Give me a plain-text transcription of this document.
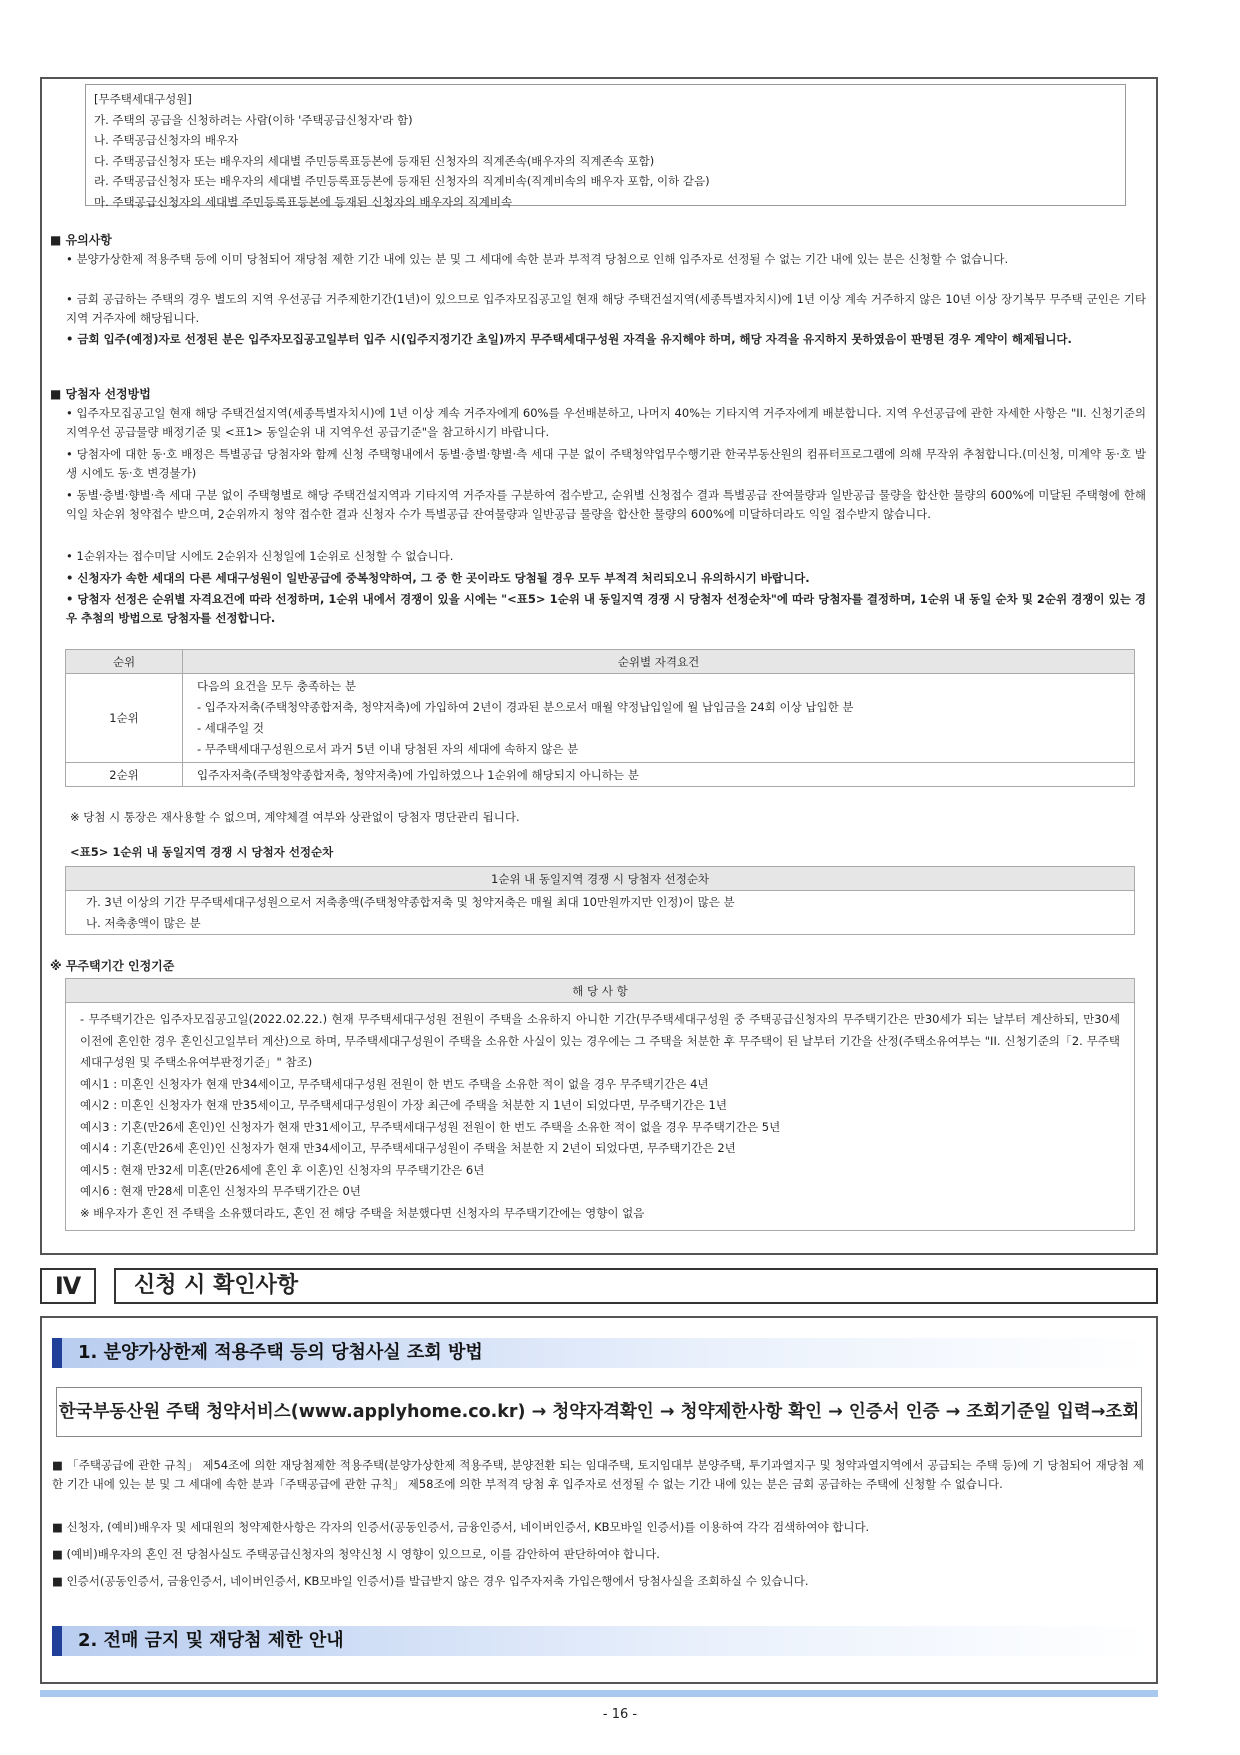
[무주택세대구성원]
가. 주택의 공급을 신청하려는 사람(이하 '주택공급신청자'라 함)
나. 주택공급신청자의 배우자
다. 주택공급신청자 또는 배우자의 세대별 주민등록표등본에 등재된 신청자의 직계존속(배우자의 직계존속 포함)
라. 주택공급신청자 또는 배우자의 세대별 주민등록표등본에 등재된 신청자의 직계비속(직계비속의 배우자 포함, 이하 같음)
마. 주택공급신청자의 세대별 주민등록표등본에 등재된 신청자의 배우자의 직계비속
■ 유의사항
• 분양가상한제 적용주택 등에 이미 당첨되어 재당첨 제한 기간 내에 있는 분 및 그 세대에 속한 분과 부적격 당첨으로 인해 입주자로 선정될 수 없는 기간 내에 있는 분은 신청할 수 없습니다.
• 금회 공급하는 주택의 경우 별도의 지역 우선공급 거주제한기간(1년)이 있으므로 입주자모집공고일 현재 해당 주택건설지역(세종특별자치시)에 1년 이상 계속 거주하지 않은 10년 이상 장기복무 무주택 군인은 기타지역 거주자에 해당됩니다.
• 금회 입주(예정)자로 선정된 분은 입주자모집공고일부터 입주 시(입주지정기간 초일)까지 무주택세대구성원 자격을 유지해야 하며, 해당 자격을 유지하지 못하였음이 판명된 경우 계약이 해제됩니다.
■ 당첨자 선정방법
• 입주자모집공고일 현재 해당 주택건설지역(세종특별자치시)에 1년 이상 계속 거주자에게 60%를 우선배분하고, 나머지 40%는 기타지역 거주자에게 배분합니다. 지역 우선공급에 관한 자세한 사항은 "II. 신청기준의 지역우선 공급물량 배정기준 및 <표1> 동일순위 내 지역우선 공급기준"을 참고하시기 바랍니다.
• 당첨자에 대한 동·호 배정은 특별공급 당첨자와 함께 신청 주택형내에서 동별·층별·향별·측 세대 구분 없이 주택청약업무수행기관 한국부동산원의 컴퓨터프로그램에 의해 무작위 추첨합니다.(미신청, 미계약 동·호 발생 시에도 동·호 변경불가)
• 동별·층별·향별·측 세대 구분 없이 주택형별로 해당 주택건설지역과 기타지역 거주자를 구분하여 접수받고, 순위별 신청접수 결과 특별공급 잔여물량과 일반공급 물량을 합산한 물량의 600%에 미달된 주택형에 한해 익일 차순위 청약접수 받으며, 2순위까지 청약 접수한 결과 신청자 수가 특별공급 잔여물량과 일반공급 물량을 합산한 물량의 600%에 미달하더라도 익일 접수받지 않습니다.
• 1순위자는 접수미달 시에도 2순위자 신청일에 1순위로 신청할 수 없습니다.
• 신청자가 속한 세대의 다른 세대구성원이 일반공급에 중복청약하여, 그 중 한 곳이라도 당첨될 경우 모두 부적격 처리되오니 유의하시기 바랍니다.
• 당첨자 선정은 순위별 자격요건에 따라 선정하며, 1순위 내에서 경쟁이 있을 시에는 "<표5> 1순위 내 동일지역 경쟁 시 당첨자 선정순차"에 따라 당첨자를 결정하며, 1순위 내 동일 순차 및 2순위 경쟁이 있는 경우 추첨의 방법으로 당첨자를 선정합니다.
순위	순위별 자격요건
1순위	다음의 요건을 모두 충족하는 분
- 입주자저축(주택청약종합저축, 청약저축)에 가입하여 2년이 경과된 분으로서 매월 약정납입일에 월 납입금을 24회 이상 납입한 분
- 세대주일 것
- 무주택세대구성원으로서 과거 5년 이내 당첨된 자의 세대에 속하지 않은 분

2순위	입주자저축(주택청약종합저축, 청약저축)에 가입하였으나 1순위에 해당되지 아니하는 분
※ 당첨 시 통장은 재사용할 수 없으며, 계약체결 여부와 상관없이 당첨자 명단관리 됩니다.
<표5> 1순위 내 동일지역 경쟁 시 당첨자 선정순차
1순위 내 동일지역 경쟁 시 당첨자 선정순차
가. 3년 이상의 기간 무주택세대구성원으로서 저축총액(주택청약종합저축 및 청약저축은 매월 최대 10만원까지만 인정)이 많은 분
나. 저축총액이 많은 분
※ 무주택기간 인정기준
해 당 사 항

- 무주택기간은 입주자모집공고일(2022.02.22.) 현재 무주택세대구성원 전원이 주택을 소유하지 아니한 기간(무주택세대구성원 중 주택공급신청자의 무주택기간은 만30세가 되는 날부터 계산하되, 만30세 이전에 혼인한 경우 혼인신고일부터 계산)으로 하며, 무주택세대구성원이 주택을 소유한 사실이 있는 경우에는 그 주택을 처분한 후 무주택이 된 날부터 기간을 산정(주택소유여부는 "II. 신청기준의「2. 무주택세대구성원 및 주택소유여부판정기준」" 참조)
예시1 : 미혼인 신청자가 현재 만34세이고, 무주택세대구성원 전원이 한 번도 주택을 소유한 적이 없을 경우 무주택기간은 4년
예시2 : 미혼인 신청자가 현재 만35세이고, 무주택세대구성원이 가장 최근에 주택을 처분한 지 1년이 되었다면, 무주택기간은 1년
예시3 : 기혼(만26세 혼인)인 신청자가 현재 만31세이고, 무주택세대구성원 전원이 한 번도 주택을 소유한 적이 없을 경우 무주택기간은 5년
예시4 : 기혼(만26세 혼인)인 신청자가 현재 만34세이고, 무주택세대구성원이 주택을 처분한 지 2년이 되었다면, 무주택기간은 2년
예시5 : 현재 만32세 미혼(만26세에 혼인 후 이혼)인 신청자의 무주택기간은 6년
예시6 : 현재 만28세 미혼인 신청자의 무주택기간은 0년
※ 배우자가 혼인 전 주택을 소유했더라도, 혼인 전 해당 주택을 처분했다면 신청자의 무주택기간에는 영향이 없음
Ⅳ	신청 시 확인사항
1. 분양가상한제 적용주택 등의 당첨사실 조회 방법
한국부동산원 주택 청약서비스(www.applyhome.co.kr) → 청약자격확인 → 청약제한사항 확인 → 인증서 인증 → 조회기준일 입력→조회
■ 「주택공급에 관한 규칙」 제54조에 의한 재당첨제한 적용주택(분양가상한제 적용주택, 분양전환 되는 임대주택, 토지임대부 분양주택, 투기과열지구 및 청약과열지역에서 공급되는 주택 등)에 기 당첨되어 재당첨 제한 기간 내에 있는 분 및 그 세대에 속한 분과「주택공급에 관한 규칙」 제58조에 의한 부적격 당첨 후 입주자로 선정될 수 없는 기간 내에 있는 분은 금회 공급하는 주택에 신청할 수 없습니다.
■ 신청자, (예비)배우자 및 세대원의 청약제한사항은 각자의 인증서(공동인증서, 금융인증서, 네이버인증서, KB모바일 인증서)를 이용하여 각각 검색하여야 합니다.
■ (예비)배우자의 혼인 전 당첨사실도 주택공급신청자의 청약신청 시 영향이 있으므로, 이를 감안하여 판단하여야 합니다.
■ 인증서(공동인증서, 금융인증서, 네이버인증서, KB모바일 인증서)를 발급받지 않은 경우 입주자저축 가입은행에서 당첨사실을 조회하실 수 있습니다.
2. 전매 금지 및 재당첨 제한 안내
- 16 -
